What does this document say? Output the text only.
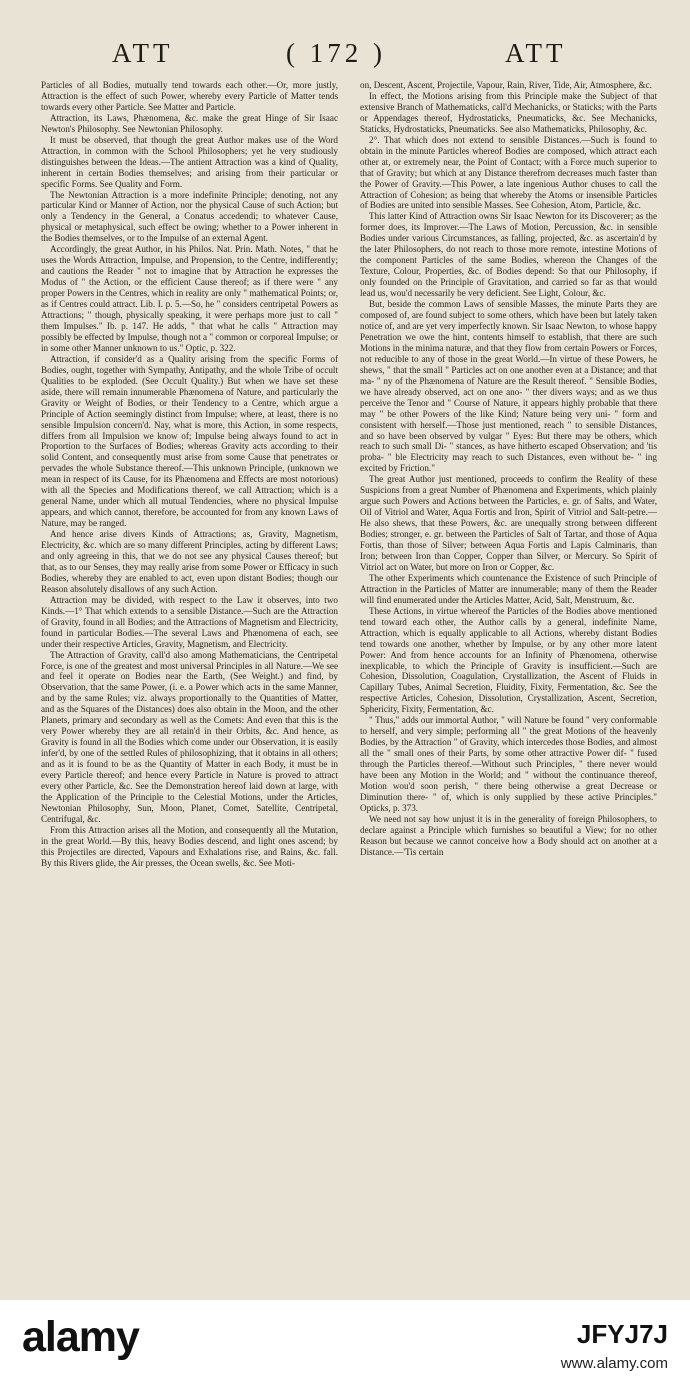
ATT	( 172 )	ATT

Particles of all Bodies, mutually tend towards each other.—Or, more justly, Attraction is the effect of such Power, whereby every Particle of Matter tends towards every other Particle. See Matter and Particle.

Attraction, its Laws, Phænomena, &c. make the great Hinge of Sir Isaac Newton's Philosophy. See Newtonian Philosophy.

It must be observed, that though the great Author makes use of the Word Attraction, in common with the School Philosophers; yet he very studiously distinguishes between the Ideas.—The antient Attraction was a kind of Quality, inherent in certain Bodies themselves; and arising from their particular or specific Forms. See Quality and Form.

The Newtonian Attraction is a more indefinite Principle; denoting, not any particular Kind or Manner of Action, nor the physical Cause of such Action; but only a Tendency in the General, a Conatus accedendi; to whatever Cause, physical or metaphysical, such effect be owing; whether to a Power inherent in the Bodies themselves, or to the Impulse of an external Agent.

Accordingly, the great Author, in his Philos. Nat. Prin. Math. Notes, " that he uses the Words Attraction, Impulse, and Propension, to the Centre, indifferently; and cautions the Reader " not to imagine that by Attraction he expresses the Modus of " the Action, or the efficient Cause thereof; as if there were " any proper Powers in the Centres, which in reality are only " mathematical Points; or, as if Centres could attract. Lib. I. p. 5.—So, he " considers centripetal Powers as Attractions; " though, physically speaking, it were perhaps more just to call " them Impulses." Ib. p. 147. He adds, " that what he calls " Attraction may possibly be effected by Impulse, though not a " common or corporeal Impulse; or in some other Manner unknown to us." Optic, p. 322.

Attraction, if consider'd as a Quality arising from the specific Forms of Bodies, ought, together with Sympathy, Antipathy, and the whole Tribe of occult Qualities to be exploded. (See Occult Quality.) But when we have set these aside, there will remain innumerable Phænomena of Nature, and particularly the Gravity or Weight of Bodies, or their Tendency to a Centre, which argue a Principle of Action seemingly distinct from Impulse; where, at least, there is no sensible Impulsion concern'd. Nay, what is more, this Action, in some respects, differs from all Impulsion we know of; Impulse being always found to act in Proportion to the Surfaces of Bodies; whereas Gravity acts according to their solid Content, and consequently must arise from some Cause that penetrates or pervades the whole Substance thereof.—This unknown Principle, (unknown we mean in respect of its Cause, for its Phænomena and Effects are most notorious) with all the Species and Modifications thereof, we call Attraction; which is a general Name, under which all mutual Tendencies, where no physical Impulse appears, and which cannot, therefore, be accounted for from any known Laws of Nature, may be ranged.

And hence arise divers Kinds of Attractions; as, Gravity, Magnetism, Electricity, &c. which are so many different Principles, acting by different Laws; and only agreeing in this, that we do not see any physical Causes thereof; but that, as to our Senses, they may really arise from some Power or Efficacy in such Bodies, whereby they are enabled to act, even upon distant Bodies; though our Reason absolutely disallows of any such Action.

Attraction may be divided, with respect to the Law it observes, into two Kinds.—1° That which extends to a sensible Distance.—Such are the Attraction of Gravity, found in all Bodies; and the Attractions of Magnetism and Electricity, found in particular Bodies.—The several Laws and Phænomena of each, see under their respective Articles, Gravity, Magnetism, and Electricity.

The Attraction of Gravity, call'd also among Mathematicians, the Centripetal Force, is one of the greatest and most universal Principles in all Nature.—We see and feel it operate on Bodies near the Earth, (See Weight.) and find, by Observation, that the same Power, (i. e. a Power which acts in the same Manner, and by the same Rules; viz. always proportionally to the Quantities of Matter, and as the Squares of the Distances) does also obtain in the Moon, and the other Planets, primary and secondary as well as the Comets: And even that this is the very Power whereby they are all retain'd in their Orbits, &c. And hence, as Gravity is found in all the Bodies which come under our Observation, it is easily infer'd, by one of the settled Rules of philosophizing, that it obtains in all others; and as it is found to be as the Quantity of Matter in each Body, it must be in every Particle thereof; and hence every Particle in Nature is proved to attract every other Particle, &c. See the Demonstration hereof laid down at large, with the Application of the Principle to the Celestial Motions, under the Articles, Newtonian Philosophy, Sun, Moon, Planet, Comet, Satellite, Centripetal, Centrifugal, &c.

From this Attraction arises all the Motion, and consequently all the Mutation, in the great World.—By this, heavy Bodies descend, and light ones ascend; by this Projectiles are directed, Vapours and Exhalations rise, and Rains, &c. fall. By this Rivers glide, the Air presses, the Ocean swells, &c. See Moti-

on, Descent, Ascent, Projectile, Vapour, Rain, River, Tide, Air, Atmosphere, &c.

In effect, the Motions arising from this Principle make the Subject of that extensive Branch of Mathematicks, call'd Mechanicks, or Staticks; with the Parts or Appendages thereof, Hydrostaticks, Pneumaticks, &c. See Mechanicks, Staticks, Hydrostaticks, Pneumaticks. See also Mathematicks, Philosophy, &c.

2°. That which does not extend to sensible Distances.—Such is found to obtain in the minute Particles whereof Bodies are composed, which attract each other at, or extremely near, the Point of Contact; with a Force much superior to that of Gravity; but which at any Distance therefrom decreases much faster than the Power of Gravity.—This Power, a late ingenious Author chuses to call the Attraction of Cohesion; as being that whereby the Atoms or insensible Particles of Bodies are united into sensible Masses. See Cohesion, Atom, Particle, &c.

This latter Kind of Attraction owns Sir Isaac Newton for its Discoverer; as the former does, its Improver.—The Laws of Motion, Percussion, &c. in sensible Bodies under various Circumstances, as falling, projected, &c. as ascertain'd by the later Philosophers, do not reach to those more remote, intestine Motions of the component Particles of the same Bodies, whereon the Changes of the Texture, Colour, Properties, &c. of Bodies depend: So that our Philosophy, if only founded on the Principle of Gravitation, and carried so far as that would lead us, wou'd necessarily be very deficient. See Light, Colour, &c.

But, beside the common Laws of sensible Masses, the minute Parts they are composed of, are found subject to some others, which have been but lately taken notice of, and are yet very imperfectly known. Sir Isaac Newton, to whose happy Penetration we owe the hint, contents himself to establish, that there are such Motions in the minima naturæ, and that they flow from certain Powers or Forces, not reducible to any of those in the great World.—In virtue of these Powers, he shews, " that the small " Particles act on one another even at a Distance; and that ma- " ny of the Phænomena of Nature are the Result thereof. " Sensible Bodies, we have already observed, act on one ano- " ther divers ways; and as we thus perceive the Tenor and " Course of Nature, it appears highly probable that there may " be other Powers of the like Kind; Nature being very uni- " form and consistent with herself.—Those just mentioned, reach " to sensible Distances, and so have been observed by vulgar " Eyes: But there may be others, which reach to such small Di- " stances, as have hitherto escaped Observation; and 'tis proba- " ble Electricity may reach to such Distances, even without be- " ing excited by Friction."

The great Author just mentioned, proceeds to confirm the Reality of these Suspicions from a great Number of Phænomena and Experiments, which plainly argue such Powers and Actions between the Particles, e. gr. of Salts, and Water, Oil of Vitriol and Water, Aqua Fortis and Iron, Spirit of Vitriol and Salt-petre.—He also shews, that these Powers, &c. are unequally strong between different Bodies; stronger, e. gr. between the Particles of Salt of Tartar, and those of Aqua Fortis, than those of Silver; between Aqua Fortis and Lapis Calminaris, than Iron; between Iron than Copper, Copper than Silver, or Mercury. So Spirit of Vitriol act on Water, but more on Iron or Copper, &c.

The other Experiments which countenance the Existence of such Principle of Attraction in the Particles of Matter are innumerable; many of them the Reader will find enumerated under the Articles Matter, Acid, Salt, Menstruum, &c.

These Actions, in virtue whereof the Particles of the Bodies above mentioned tend toward each other, the Author calls by a general, indefinite Name, Attraction, which is equally applicable to all Actions, whereby distant Bodies tend towards one another, whether by Impulse, or by any other more latent Power: And from hence accounts for an Infinity of Phænomena, otherwise inexplicable, to which the Principle of Gravity is insufficient.—Such are Cohesion, Dissolution, Coagulation, Crystallization, the Ascent of Fluids in Capillary Tubes, Animal Secretion, Fluidity, Fixity, Fermentation, &c. See the respective Articles, Cohesion, Dissolution, Crystallization, Ascent, Secretion, Sphericity, Fixity, Fermentation, &c.

" Thus," adds our immortal Author, " will Nature be found " very conformable to herself, and very simple; performing all " the great Motions of the heavenly Bodies, by the Attraction " of Gravity, which intercedes those Bodies, and almost all the " small ones of their Parts, by some other attractive Power dif- " fused through the Particles thereof.—Without such Principles, " there never would have been any Motion in the World; and " without the continuance thereof, Motion wou'd soon perish, " there being otherwise a great Decrease or Diminution there- " of, which is only supplied by these active Principles." Opticks, p. 373.

We need not say how unjust it is in the generality of foreign Philosophers, to declare against a Principle which furnishes so beautiful a View; for no other Reason but because we cannot conceive how a Body should act on another at a Distance.—'Tis certain

alamy	JFYJ7J
www.alamy.com
